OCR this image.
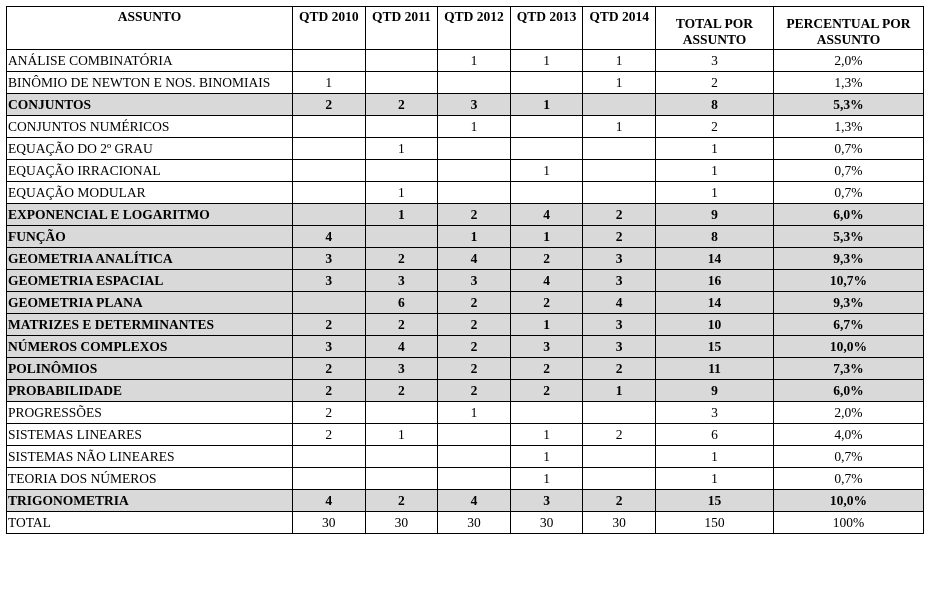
ASSUNTO	QTD 2010	QTD 2011	QTD 2012	QTD 2013	QTD 2014	TOTAL POR ASSUNTO	PERCENTUAL POR ASSUNTO
ANÁLISE COMBINATÓRIA			1	1	1	3	2,0%
BINÔMIO DE NEWTON E NOS. BINOMIAIS	1				1	2	1,3%
CONJUNTOS	2	2	3	1		8	5,3%
CONJUNTOS NUMÉRICOS			1		1	2	1,3%
EQUAÇÃO DO 2º GRAU		1				1	0,7%
EQUAÇÃO IRRACIONAL				1		1	0,7%
EQUAÇÃO MODULAR		1				1	0,7%
EXPONENCIAL E LOGARITMO		1	2	4	2	9	6,0%
FUNÇÃO	4		1	1	2	8	5,3%
GEOMETRIA ANALÍTICA	3	2	4	2	3	14	9,3%
GEOMETRIA ESPACIAL	3	3	3	4	3	16	10,7%
GEOMETRIA PLANA		6	2	2	4	14	9,3%
MATRIZES E DETERMINANTES	2	2	2	1	3	10	6,7%
NÚMEROS COMPLEXOS	3	4	2	3	3	15	10,0%
POLINÔMIOS	2	3	2	2	2	11	7,3%
PROBABILIDADE	2	2	2	2	1	9	6,0%
PROGRESSÕES	2		1			3	2,0%
SISTEMAS LINEARES	2	1		1	2	6	4,0%
SISTEMAS NÃO LINEARES				1		1	0,7%
TEORIA DOS NÚMEROS				1		1	0,7%
TRIGONOMETRIA	4	2	4	3	2	15	10,0%
TOTAL	30	30	30	30	30	150	100%
